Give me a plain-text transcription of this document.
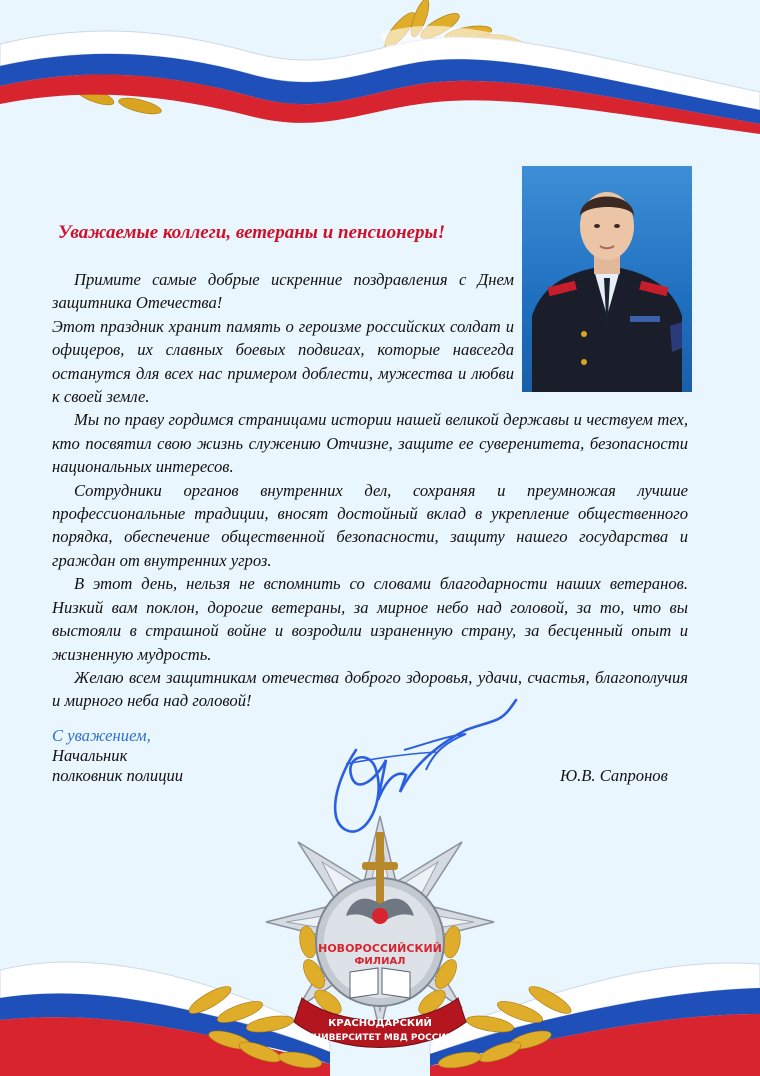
Уважаемые коллеги, ветераны и пенсионеры!

Примите самые добрые искренние поздравления с Днем защитника Отечества!

Этот праздник хранит память о героизме российских солдат и офицеров, их славных боевых подвигах, которые навсегда останутся для всех нас примером доблести, мужества и любви к своей земле.

Мы по праву гордимся страницами истории нашей великой державы и чествуем тех, кто посвятил свою жизнь служению Отчизне, защите ее суверенитета, безопасности национальных интересов.

Сотрудники органов внутренних дел, сохраняя и преумножая лучшие профессиональные традиции, вносят достойный вклад в укрепление общественного порядка, обеспечение общественной безопасности, защиту нашего государства и граждан от внутренних угроз.

В этот день, нельзя не вспомнить со словами благодарности наших ветеранов. Низкий вам поклон, дорогие ветераны, за мирное небо над головой, за то, что вы выстояли в страшной войне и возродили израненную страну, за бесценный опыт и жизненную мудрость.

Желаю всем защитникам отечества доброго здоровья, удачи, счастья, благополучия и мирного неба над головой!

С уважением,
Начальник
полковник полиции	Ю.В. Сапронов
НОВОРОССИЙСКИЙ
ФИЛИАЛ
КРАСНОДАРСКИЙ
УНИВЕРСИТЕТ МВД РОССИИ
